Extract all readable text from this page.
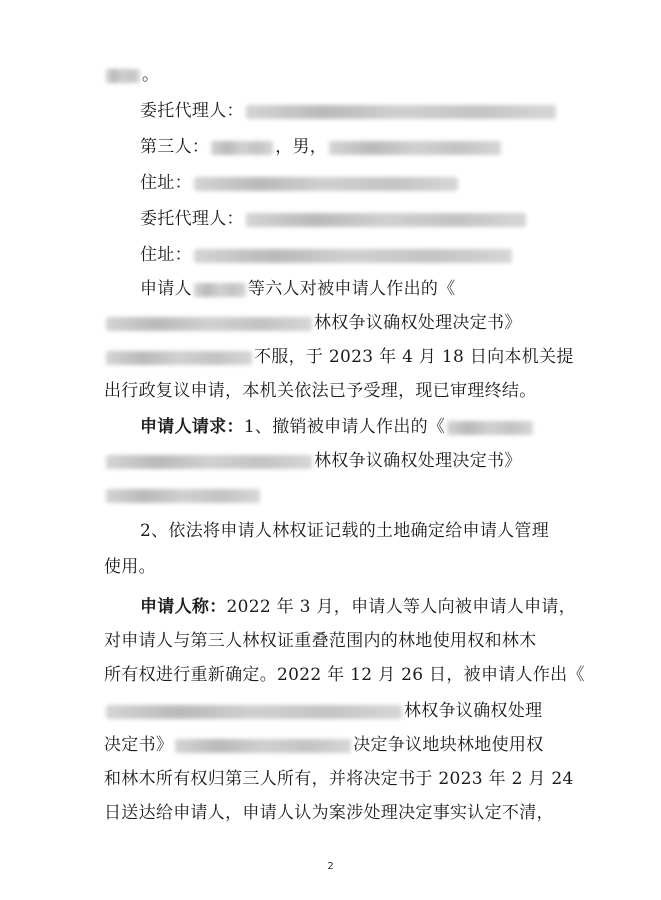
。
委托代理人：
第三人：	，男，
住址：
委托代理人：
住址：
申请人	等六人对被申请人作出的《
林权争议确权处理决定书》
不服，于 2023 年 4 月 18 日向本机关提
出行政复议申请，本机关依法已予受理，现已审理终结。
申请人请求：1、撤销被申请人作出的《
林权争议确权处理决定书》
2、依法将申请人林权证记载的土地确定给申请人管理
使用。
申请人称：2022 年 3 月，申请人等人向被申请人申请，
对申请人与第三人林权证重叠范围内的林地使用权和林木
所有权进行重新确定。2022 年 12 月 26 日，被申请人作出《
林权争议确权处理
决定书》	决定争议地块林地使用权
和林木所有权归第三人所有，并将决定书于 2023 年 2 月 24
日送达给申请人，申请人认为案涉处理决定事实认定不清，
2
